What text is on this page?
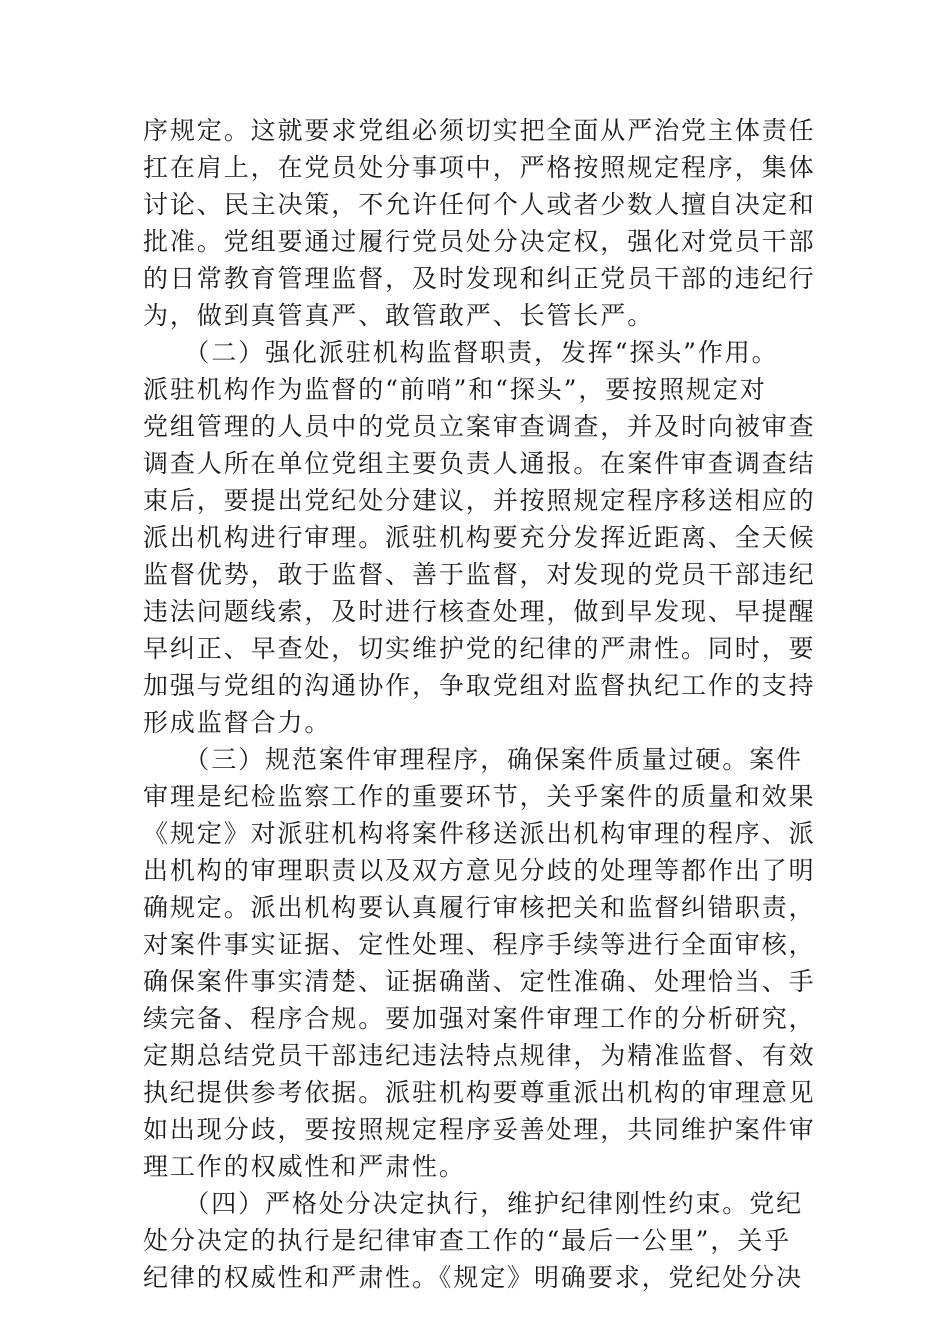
序规定。这就要求党组必须切实把全面从严治党主体责任
扛在肩上，在党员处分事项中，严格按照规定程序，集体
讨论、民主决策，不允许任何个人或者少数人擅自决定和
批准。党组要通过履行党员处分决定权，强化对党员干部
的日常教育管理监督，及时发现和纠正党员干部的违纪行
为，做到真管真严、敢管敢严、长管长严。
　　（二）强化派驻机构监督职责，发挥“探头”作用。
派驻机构作为监督的“前哨”和“探头”，要按照规定对
党组管理的人员中的党员立案审查调查，并及时向被审查
调查人所在单位党组主要负责人通报。在案件审查调查结
束后，要提出党纪处分建议，并按照规定程序移送相应的
派出机构进行审理。派驻机构要充分发挥近距离、全天候
监督优势，敢于监督、善于监督，对发现的党员干部违纪
违法问题线索，及时进行核查处理，做到早发现、早提醒
早纠正、早查处，切实维护党的纪律的严肃性。同时，要
加强与党组的沟通协作，争取党组对监督执纪工作的支持
形成监督合力。
　　（三）规范案件审理程序，确保案件质量过硬。案件
审理是纪检监察工作的重要环节，关乎案件的质量和效果
《规定》对派驻机构将案件移送派出机构审理的程序、派
出机构的审理职责以及双方意见分歧的处理等都作出了明
确规定。派出机构要认真履行审核把关和监督纠错职责，
对案件事实证据、定性处理、程序手续等进行全面审核，
确保案件事实清楚、证据确凿、定性准确、处理恰当、手
续完备、程序合规。要加强对案件审理工作的分析研究，
定期总结党员干部违纪违法特点规律，为精准监督、有效
执纪提供参考依据。派驻机构要尊重派出机构的审理意见
如出现分歧，要按照规定程序妥善处理，共同维护案件审
理工作的权威性和严肃性。
　　（四）严格处分决定执行，维护纪律刚性约束。党纪
处分决定的执行是纪律审查工作的“最后一公里”，关乎
纪律的权威性和严肃性。《规定》明确要求，党纪处分决
